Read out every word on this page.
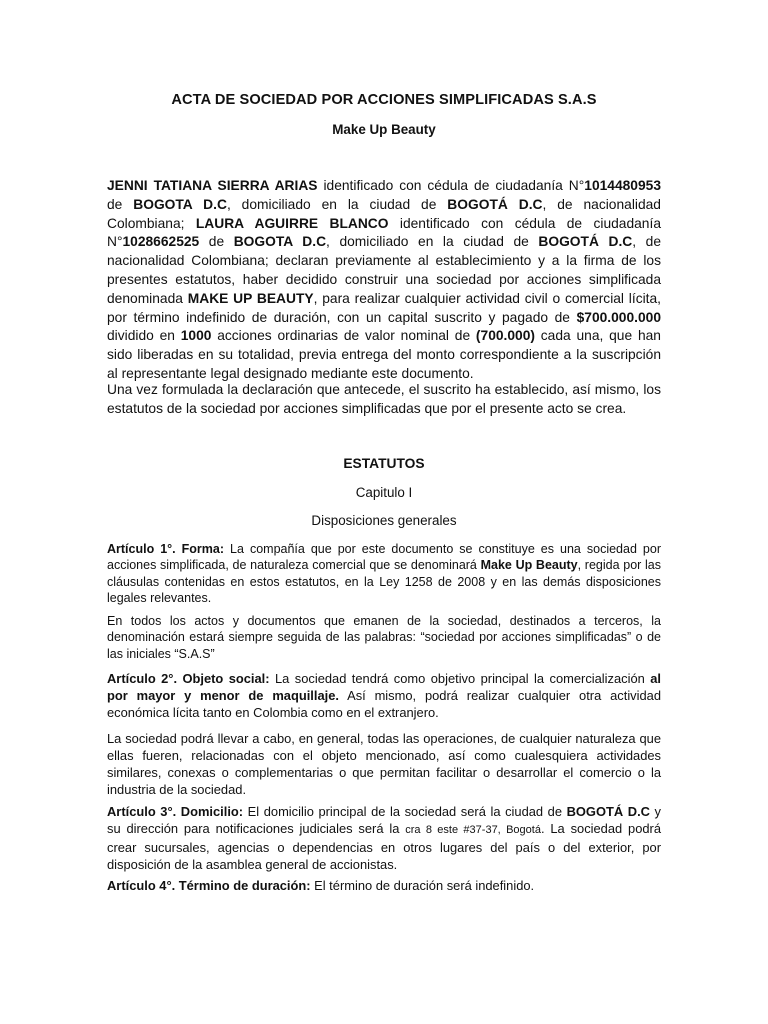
ACTA DE SOCIEDAD POR ACCIONES SIMPLIFICADAS S.A.S
Make Up Beauty
JENNI TATIANA SIERRA ARIAS identificado con cédula de ciudadanía N°1014480953 de BOGOTA D.C, domiciliado en la ciudad de BOGOTÁ D.C, de nacionalidad Colombiana; LAURA AGUIRRE BLANCO identificado con cédula de ciudadanía N°1028662525 de BOGOTA D.C, domiciliado en la ciudad de BOGOTÁ D.C, de nacionalidad Colombiana; declaran previamente al establecimiento y a la firma de los presentes estatutos, haber decidido construir una sociedad por acciones simplificada denominada MAKE UP BEAUTY, para realizar cualquier actividad civil o comercial lícita, por término indefinido de duración, con un capital suscrito y pagado de $700.000.000 dividido en 1000 acciones ordinarias de valor nominal de (700.000) cada una, que han sido liberadas en su totalidad, previa entrega del monto correspondiente a la suscripción al representante legal designado mediante este documento.
Una vez formulada la declaración que antecede, el suscrito ha establecido, así mismo, los estatutos de la sociedad por acciones simplificadas que por el presente acto se crea.
ESTATUTOS
Capitulo I
Disposiciones generales
Artículo 1°. Forma: La compañía que por este documento se constituye es una sociedad por acciones simplificada, de naturaleza comercial que se denominará Make Up Beauty, regida por las cláusulas contenidas en estos estatutos, en la Ley 1258 de 2008 y en las demás disposiciones legales relevantes.
En todos los actos y documentos que emanen de la sociedad, destinados a terceros, la denominación estará siempre seguida de las palabras: “sociedad por acciones simplificadas” o de las iniciales “S.A.S”
Artículo 2°. Objeto social: La sociedad tendrá como objetivo principal la comercialización al por mayor y menor de maquillaje. Así mismo, podrá realizar cualquier otra actividad económica lícita tanto en Colombia como en el extranjero.
La sociedad podrá llevar a cabo, en general, todas las operaciones, de cualquier naturaleza que ellas fueren, relacionadas con el objeto mencionado, así como cualesquiera actividades similares, conexas o complementarias o que permitan facilitar o desarrollar el comercio o la industria de la sociedad.
Artículo 3°. Domicilio: El domicilio principal de la sociedad será la ciudad de BOGOTÁ D.C y su dirección para notificaciones judiciales será la cra 8 este #37-37, Bogotá. La sociedad podrá crear sucursales, agencias o dependencias en otros lugares del país o del exterior, por disposición de la asamblea general de accionistas.
Artículo 4°. Término de duración: El término de duración será indefinido.
